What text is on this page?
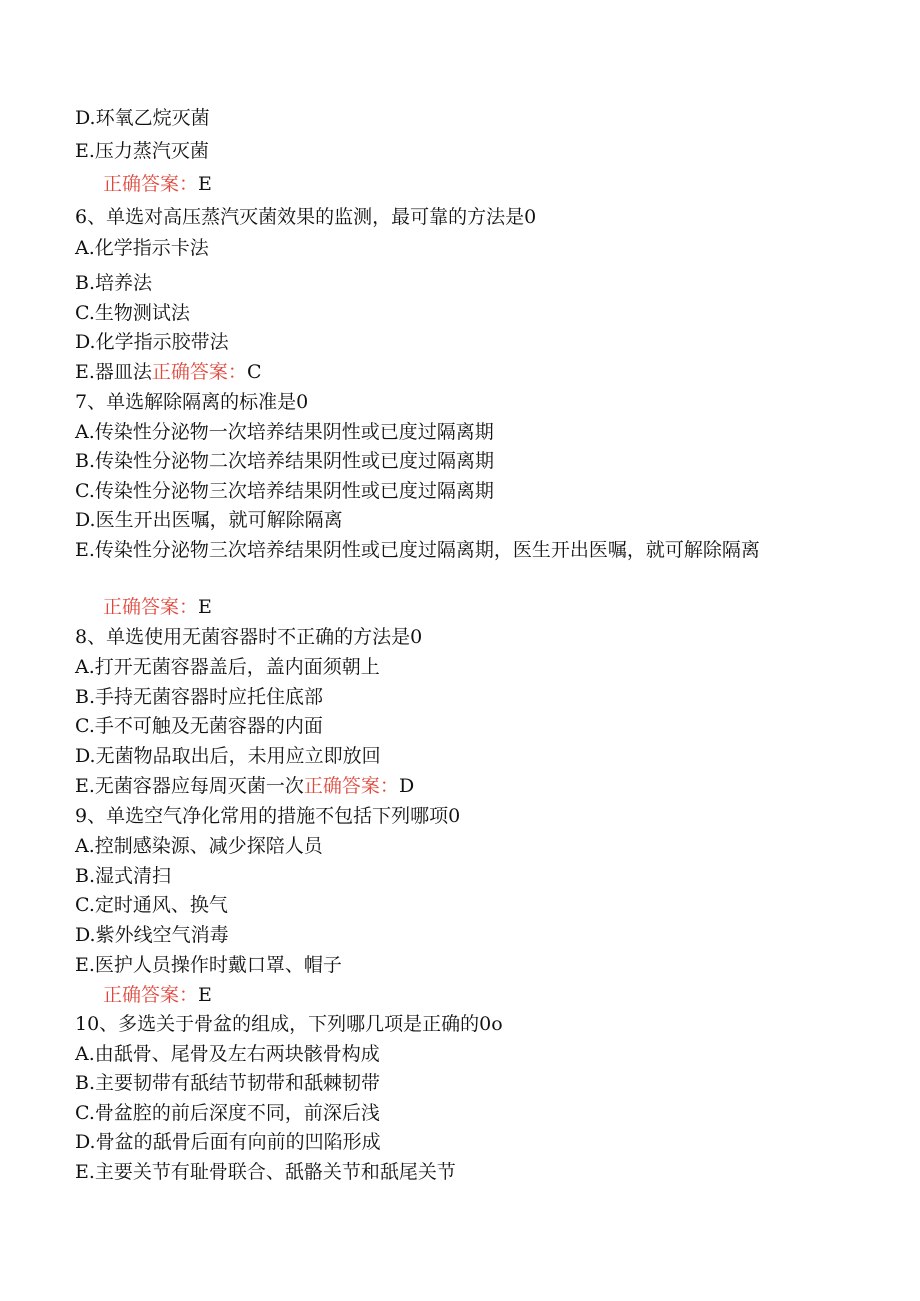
D.环氧乙烷灭菌
E.压力蒸汽灭菌
正确答案：E
6、单选对高压蒸汽灭菌效果的监测，最可靠的方法是0
A.化学指示卡法
B.培养法
C.生物测试法
D.化学指示胶带法
E.器皿法正确答案：C
7、单选解除隔离的标准是0
A.传染性分泌物一次培养结果阴性或已度过隔离期
B.传染性分泌物二次培养结果阴性或已度过隔离期
C.传染性分泌物三次培养结果阴性或已度过隔离期
D.医生开出医嘱，就可解除隔离
E.传染性分泌物三次培养结果阴性或已度过隔离期，医生开出医嘱，就可解除隔离
正确答案：E
8、单选使用无菌容器时不正确的方法是0
A.打开无菌容器盖后，盖内面须朝上
B.手持无菌容器时应托住底部
C.手不可触及无菌容器的内面
D.无菌物品取出后，未用应立即放回
E.无菌容器应每周灭菌一次正确答案：D
9、单选空气净化常用的措施不包括下列哪项0
A.控制感染源、减少探陪人员
B.湿式清扫
C.定时通风、换气
D.紫外线空气消毒
E.医护人员操作时戴口罩、帽子
正确答案：E
10、多选关于骨盆的组成，下列哪几项是正确的0o
A.由舐骨、尾骨及左右两块骸骨构成
B.主要韧带有舐结节韧带和舐棘韧带
C.骨盆腔的前后深度不同，前深后浅
D.骨盆的舐骨后面有向前的凹陷形成
E.主要关节有耻骨联合、舐骼关节和舐尾关节
